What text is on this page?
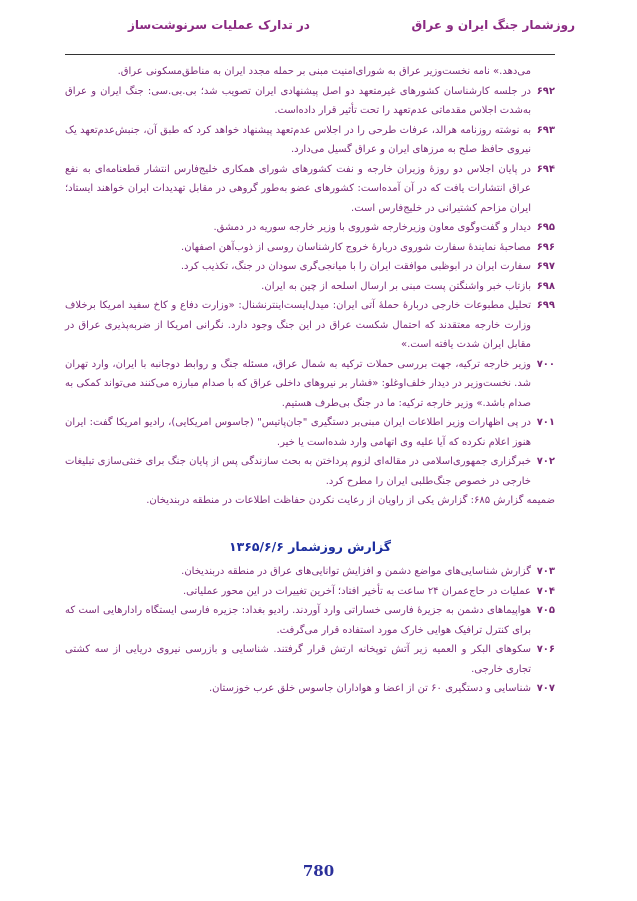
روزشمار جنگ ایران و عراق
در تدارک عملیات سرنوشت‌ساز
می‌دهد.» نامه نخست‌وزیر عراق به شورای‌امنیت مبنی بر حمله مجدد ایران به مناطق‌مسکونی عراق.
۶۹۲
در جلسه کارشناسان کشورهای غیرمتعهد دو اصل پیشنهادی ایران تصویب شد؛ بی.بی.سی: جنگ ایران و عراق به‌شدت اجلاس مقدماتی عدم‌تعهد را تحت تأثیر قرار داده‌است.
۶۹۳
به نوشته روزنامه هرالد، عرفات طرحی را در اجلاس عدم‌تعهد پیشنهاد خواهد کرد که طبق آن، جنبش‌عدم‌تعهد یک نیروی حافظ صلح به مرزهای ایران و عراق گسیل می‌دارد.
۶۹۴
در پایان اجلاس دو روزهٔ وزیران خارجه و نفت کشورهای شورای همکاری خلیج‌فارس انتشار قطعنامه‌ای به نفع عراق انتشارات یافت که در آن آمده‌است: کشورهای عضو به‌طور گروهی در مقابل تهدیدات ایران خواهند ایستاد؛ ایران مزاحم کشتیرانی در خلیج‌فارس است.
۶۹۵
دیدار و گفت‌وگوی معاون وزیرخارجه شوروی با وزیر خارجه سوریه در دمشق.
۶۹۶
مصاحبهٔ نمایندهٔ سفارت شوروی دربارهٔ خروج کارشناسان روسی از ذوب‌آهن اصفهان.
۶۹۷
سفارت ایران در ابوظبی موافقت ایران را با میانجی‌گری سودان در جنگ، تکذیب کرد.
۶۹۸
بازتاب خبر واشنگتن پست مبنی بر ارسال اسلحه از چین به ایران.
۶۹۹
تحلیل مطبوعات خارجی دربارهٔ حملهٔ آتی ایران: میدل‌ایست‌اینترنشنال: «وزارت دفاع و کاخ سفید امریکا برخلاف وزارت خارجه معتقدند که احتمال شکست عراق در این جنگ وجود دارد. نگرانی امریکا از ضربه‌پذیری عراق در مقابل ایران شدت یافته است.»
۷۰۰
وزیر خارجه ترکیه، جهت بررسی حملات ترکیه به شمال عراق، مسئله جنگ و روابط دوجانبه با ایران، وارد تهران شد. نخست‌وزیر در دیدار خلف‌اوغلو: «فشار بر نیروهای داخلی عراق که با صدام مبارزه می‌کنند می‌تواند کمکی به صدام باشد.» وزیر خارجه ترکیه: ما در جنگ بی‌طرف هستیم.
۷۰۱
در پی اظهارات وزیر اطلاعات ایران مبنی‌بر دستگیری "جان‌پاتیس" (جاسوس امریکایی)، رادیو امریکا گفت: ایران هنوز اعلام نکرده که آیا علیه وی اتهامی وارد شده‌است یا خیر.
۷۰۲
خبرگزاری جمهوری‌اسلامی در مقاله‌ای لزوم پرداختن به بحث سازندگی پس از پایان جنگ برای خنثی‌سازی تبلیغات خارجی در خصوص جنگ‌طلبی ایران را مطرح کرد.
ضمیمه گزارش ۶۸۵: گزارش یکی از راویان از رعایت نکردن حفاظت اطلاعات در منطقه دربندیخان.
گزارش روزشمار ۱۳۶۵/۶/۶
۷۰۳
گزارش شناسایی‌های مواضع دشمن و افزایش توانایی‌های عراق در منطقه دربندیخان.
۷۰۴
عملیات در حاج‌عمران ۲۴ ساعت به تأخیر افتاد؛ آخرین تغییرات در این محور عملیاتی.
۷۰۵
هواپیماهای دشمن به جزیرهٔ فارسی خساراتی وارد آوردند. رادیو بغداد: جزیره فارسی ایستگاه رادارهایی است که برای کنترل ترافیک هوایی خارک مورد استفاده قرار می‌گرفت.
۷۰۶
سکوهای البکر و العمیه زیر آتش توپخانه ارتش قرار گرفتند. شناسایی و بازرسی نیروی دریایی از سه کشتی تجاری خارجی.
۷۰۷
شناسایی و دستگیری ۶۰ تن از اعضا و هواداران جاسوس خلق عرب خوزستان.
780
